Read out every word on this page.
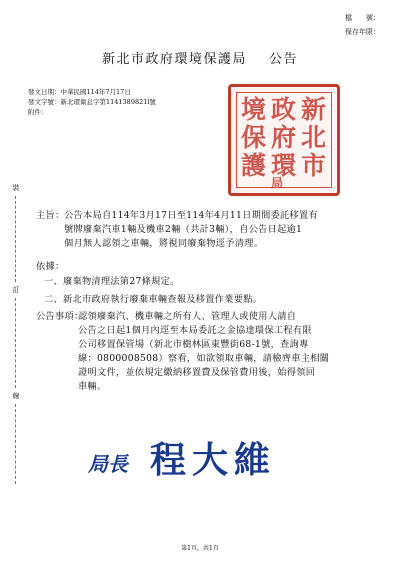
檔　　號：
保存年限：
新北市政府環境保護局 公告
發文日期：中華民國114年7月17日
發文字號：新北環衛息字第1141389821l號
附件：	新
北
市
政
府
環
境
保
護
局
裝
訂
線
主旨： 公告本局自114年3月17日至114年4月11日期間委託移置有
號牌廢棄汽車1輛及機車2輛（共計3輛），自公告日起逾1
個月無人認領之車輛，將視同廢棄物逕予清理。
依據：
一、廢棄物清理法第27條規定。
二、新北市政府執行廢棄車輛查報及移置作業要點。
公告事項：
認領廢棄汽、機車輛之所有人、管理人或使用人請自
公告之日起1個月內逕至本局委託之金協達環保工程有限
公司移置保管場（新北市樹林區東豐街68-1號，查詢專
線：0800008508）察看，如欲領取車輛，請檢齊車主相關
證明文件，並依規定繳納移置費及保管費用後，始得領回
車輛。
局長 程大維
第1頁，共1頁
